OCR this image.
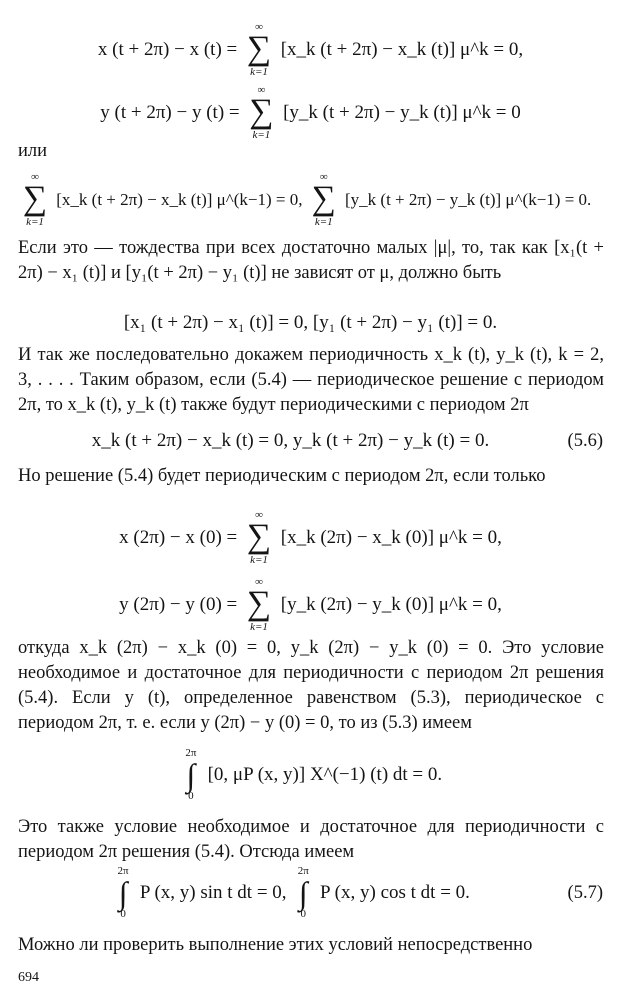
x (t + 2π) − x (t) =
∞
∑
k=1
[x_k (t + 2π) − x_k (t)] μ^k = 0,
y (t + 2π) − y (t) =
∞
∑
k=1
[y_k (t + 2π) − y_k (t)] μ^k = 0
или
∞
∑
k=1
[x_k (t + 2π) − x_k (t)] μ^(k−1) = 0,
∞
∑
k=1
[y_k (t + 2π) − y_k (t)] μ^(k−1) = 0.
Если это — тождества при всех достаточно малых |μ|, то, так как [x₁(t + 2π) − x₁ (t)] и [y₁(t + 2π) − y₁ (t)] не зависят от μ, должно быть
[x₁ (t + 2π) − x₁ (t)] = 0, [y₁ (t + 2π) − y₁ (t)] = 0.
И так же последовательно докажем периодичность x_k (t), y_k (t), k = 2, 3, . . . . Таким образом, если (5.4) — периодическое решение с периодом 2π, то x_k (t), y_k (t) также будут периодическими с периодом 2π
x_k (t + 2π) − x_k (t) = 0, y_k (t + 2π) − y_k (t) = 0.	(5.6)
Но решение (5.4) будет периодическим с периодом 2π, если только
x (2π) − x (0) =
∞
∑
k=1
[x_k (2π) − x_k (0)] μ^k = 0,
y (2π) − y (0) =
∞
∑
k=1
[y_k (2π) − y_k (0)] μ^k = 0,
откуда x_k (2π) − x_k (0) = 0, y_k (2π) − y_k (0) = 0. Это условие необходимое и достаточное для периодичности с периодом 2π решения (5.4). Если y (t), определенное равенством (5.3), периодическое с периодом 2π, т. е. если y (2π) − y (0) = 0, то из (5.3) имеем
2π
∫
0
[0, μP (x, y)] X^(−1) (t) dt = 0.
Это также условие необходимое и достаточное для периодичности с периодом 2π решения (5.4). Отсюда имеем
2π
∫
0
P (x, y) sin t dt = 0,
2π
∫
0
P (x, y) cos t dt = 0.	(5.7)
Можно ли проверить выполнение этих условий непосредственно
694
